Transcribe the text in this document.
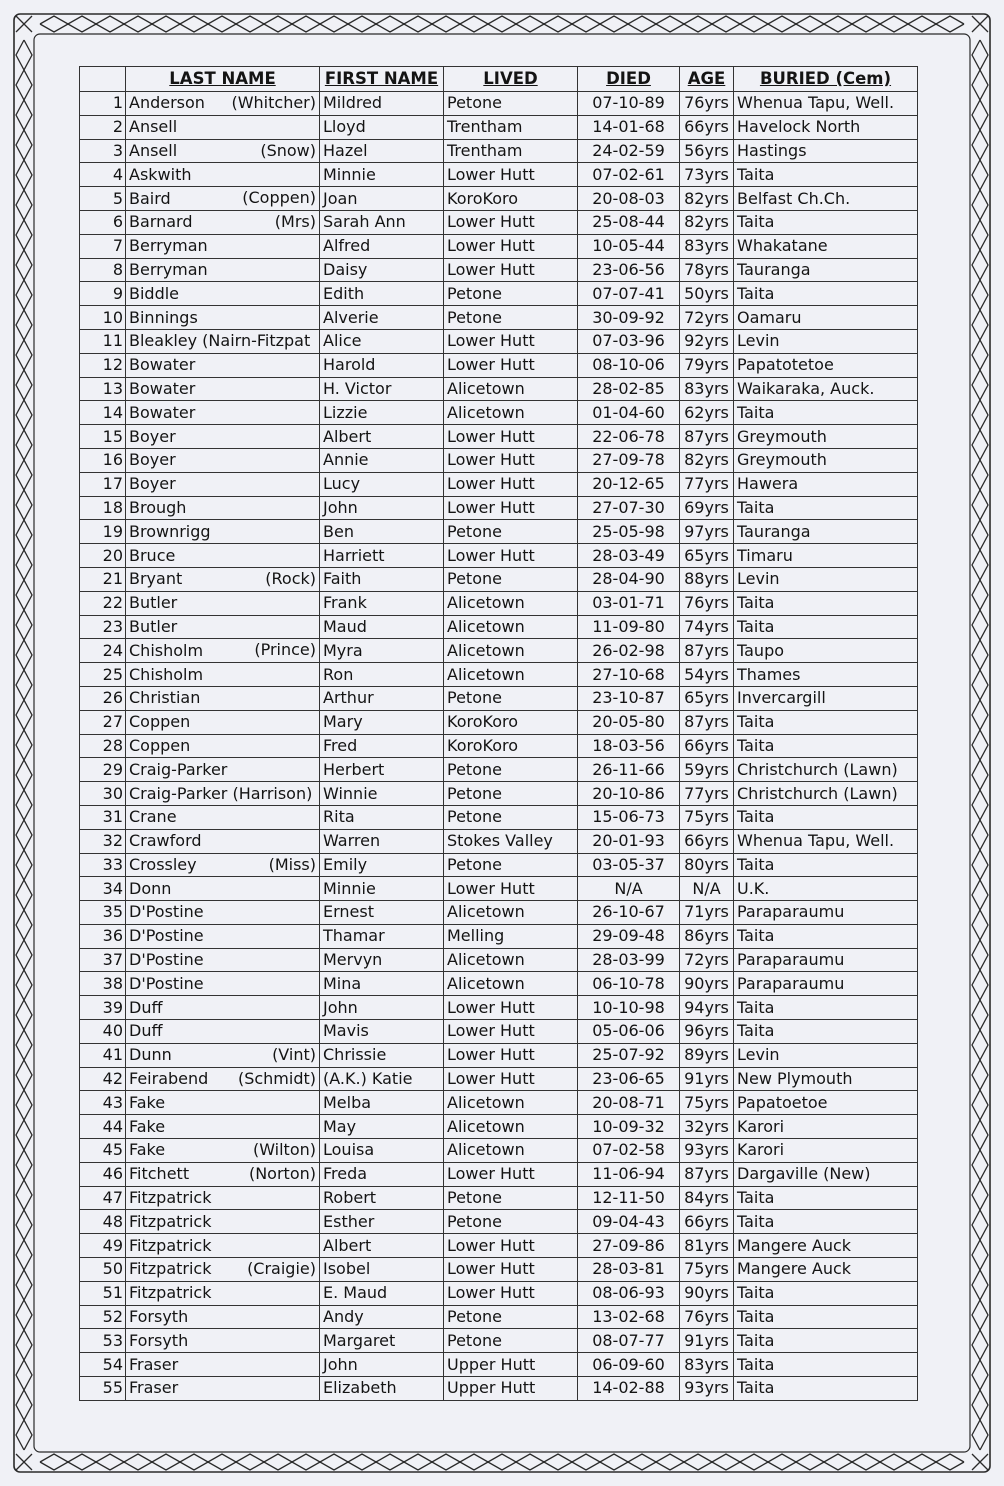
	LAST NAME	FIRST NAME	LIVED	DIED	AGE	BURIED (Cem)
1	Anderson (Whitcher)	Mildred	Petone	07-10-89	76yrs	Whenua Tapu, Well.
2	Ansell	Lloyd	Trentham	14-01-68	66yrs	Havelock North
3	Ansell (Snow)	Hazel	Trentham	24-02-59	56yrs	Hastings
4	Askwith	Minnie	Lower Hutt	07-02-61	73yrs	Taita
5	Baird (Coppen)	Joan	KoroKoro	20-08-03	82yrs	Belfast Ch.Ch.
6	Barnard (Mrs)	Sarah Ann	Lower Hutt	25-08-44	82yrs	Taita
7	Berryman	Alfred	Lower Hutt	10-05-44	83yrs	Whakatane
8	Berryman	Daisy	Lower Hutt	23-06-56	78yrs	Tauranga
9	Biddle	Edith	Petone	07-07-41	50yrs	Taita
10	Binnings	Alverie	Petone	30-09-92	72yrs	Oamaru
11	Bleakley (Nairn-Fitzpat	Alice	Lower Hutt	07-03-96	92yrs	Levin
12	Bowater	Harold	Lower Hutt	08-10-06	79yrs	Papatotetoe
13	Bowater	H. Victor	Alicetown	28-02-85	83yrs	Waikaraka, Auck.
14	Bowater	Lizzie	Alicetown	01-04-60	62yrs	Taita
15	Boyer	Albert	Lower Hutt	22-06-78	87yrs	Greymouth
16	Boyer	Annie	Lower Hutt	27-09-78	82yrs	Greymouth
17	Boyer	Lucy	Lower Hutt	20-12-65	77yrs	Hawera
18	Brough	John	Lower Hutt	27-07-30	69yrs	Taita
19	Brownrigg	Ben	Petone	25-05-98	97yrs	Tauranga
20	Bruce	Harriett	Lower Hutt	28-03-49	65yrs	Timaru
21	Bryant (Rock)	Faith	Petone	28-04-90	88yrs	Levin
22	Butler	Frank	Alicetown	03-01-71	76yrs	Taita
23	Butler	Maud	Alicetown	11-09-80	74yrs	Taita
24	Chisholm (Prince)	Myra	Alicetown	26-02-98	87yrs	Taupo
25	Chisholm	Ron	Alicetown	27-10-68	54yrs	Thames
26	Christian	Arthur	Petone	23-10-87	65yrs	Invercargill
27	Coppen	Mary	KoroKoro	20-05-80	87yrs	Taita
28	Coppen	Fred	KoroKoro	18-03-56	66yrs	Taita
29	Craig-Parker	Herbert	Petone	26-11-66	59yrs	Christchurch (Lawn)
30	Craig-Parker (Harrison)	Winnie	Petone	20-10-86	77yrs	Christchurch (Lawn)
31	Crane	Rita	Petone	15-06-73	75yrs	Taita
32	Crawford	Warren	Stokes Valley	20-01-93	66yrs	Whenua Tapu, Well.
33	Crossley (Miss)	Emily	Petone	03-05-37	80yrs	Taita
34	Donn	Minnie	Lower Hutt	N/A	N/A	U.K.
35	D'Postine	Ernest	Alicetown	26-10-67	71yrs	Paraparaumu
36	D'Postine	Thamar	Melling	29-09-48	86yrs	Taita
37	D'Postine	Mervyn	Alicetown	28-03-99	72yrs	Paraparaumu
38	D'Postine	Mina	Alicetown	06-10-78	90yrs	Paraparaumu
39	Duff	John	Lower Hutt	10-10-98	94yrs	Taita
40	Duff	Mavis	Lower Hutt	05-06-06	96yrs	Taita
41	Dunn (Vint)	Chrissie	Lower Hutt	25-07-92	89yrs	Levin
42	Feirabend (Schmidt)	(A.K.) Katie	Lower Hutt	23-06-65	91yrs	New Plymouth
43	Fake	Melba	Alicetown	20-08-71	75yrs	Papatoetoe
44	Fake	May	Alicetown	10-09-32	32yrs	Karori
45	Fake (Wilton)	Louisa	Alicetown	07-02-58	93yrs	Karori
46	Fitchett (Norton)	Freda	Lower Hutt	11-06-94	87yrs	Dargaville (New)
47	Fitzpatrick	Robert	Petone	12-11-50	84yrs	Taita
48	Fitzpatrick	Esther	Petone	09-04-43	66yrs	Taita
49	Fitzpatrick	Albert	Lower Hutt	27-09-86	81yrs	Mangere Auck
50	Fitzpatrick (Craigie)	Isobel	Lower Hutt	28-03-81	75yrs	Mangere Auck
51	Fitzpatrick	E. Maud	Lower Hutt	08-06-93	90yrs	Taita
52	Forsyth	Andy	Petone	13-02-68	76yrs	Taita
53	Forsyth	Margaret	Petone	08-07-77	91yrs	Taita
54	Fraser	John	Upper Hutt	06-09-60	83yrs	Taita
55	Fraser	Elizabeth	Upper Hutt	14-02-88	93yrs	Taita
